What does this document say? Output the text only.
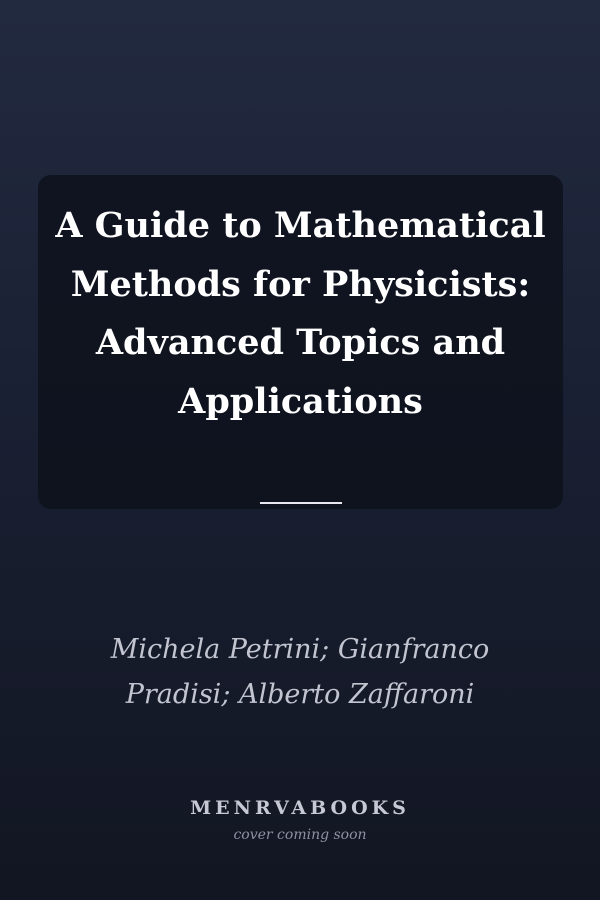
A Guide to Mathematical Methods for Physicists: Advanced Topics and Applications

Michela Petrini; Gianfranco Pradisi; Alberto Zaffaroni

MENRVABOOKS
cover coming soon
